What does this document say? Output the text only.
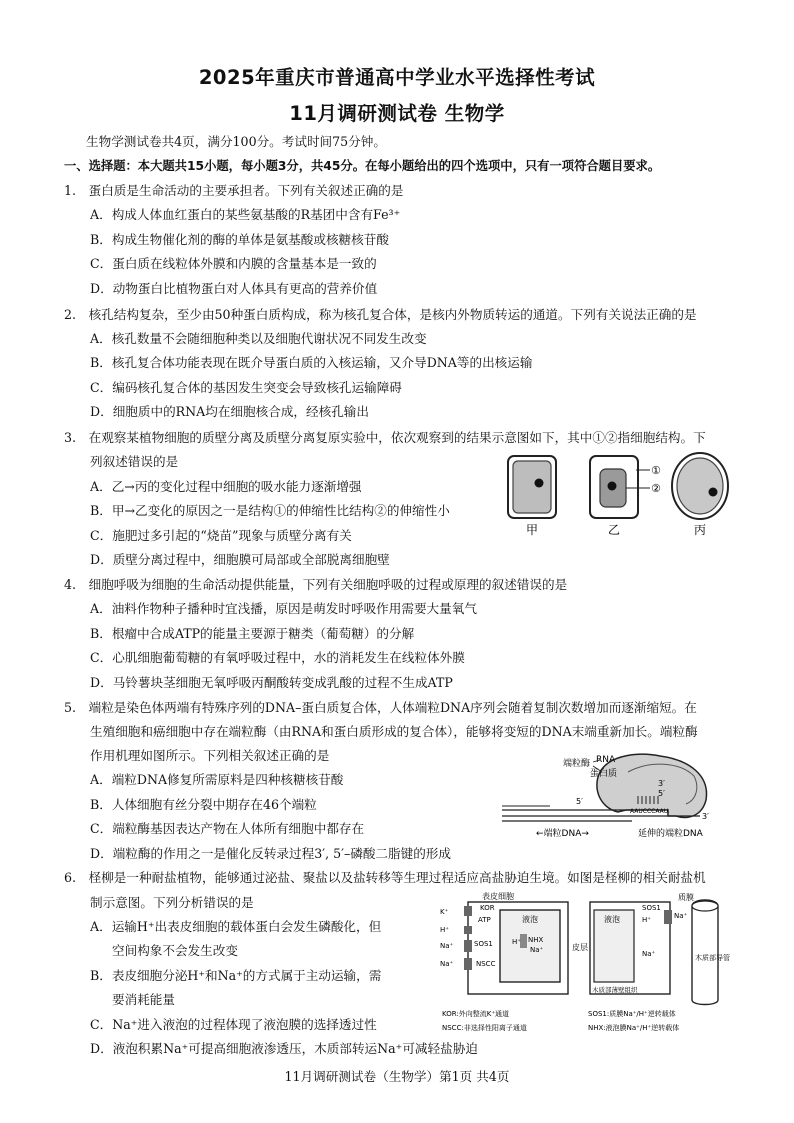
2025年重庆市普通高中学业水平选择性考试
11月调研测试卷 生物学
生物学测试卷共4页，满分100分。考试时间75分钟。
一、选择题：本大题共15小题，每小题3分，共45分。在每小题给出的四个选项中，只有一项符合题目要求。
1.　蛋白质是生命活动的主要承担者。下列有关叙述正确的是
A．构成人体血红蛋白的某些氨基酸的R基团中含有Fe³⁺
B．构成生物催化剂的酶的单体是氨基酸或核糖核苷酸
C．蛋白质在线粒体外膜和内膜的含量基本是一致的
D．动物蛋白比植物蛋白对人体具有更高的营养价值
2.　核孔结构复杂，至少由50种蛋白质构成，称为核孔复合体，是核内外物质转运的通道。下列有关说法正确的是
A．核孔数量不会随细胞种类以及细胞代谢状况不同发生改变
B．核孔复合体功能表现在既介导蛋白质的入核运输，又介导DNA等的出核运输
C．编码核孔复合体的基因发生突变会导致核孔运输障碍
D．细胞质中的RNA均在细胞核合成，经核孔输出
3.　在观察某植物细胞的质壁分离及质壁分离复原实验中，依次观察到的结果示意图如下，其中①②指细胞结构。下
列叙述错误的是
A．乙→丙的变化过程中细胞的吸水能力逐渐增强
B．甲→乙变化的原因之一是结构①的伸缩性比结构②的伸缩性小
C．施肥过多引起的“烧苗”现象与质壁分离有关
D．质壁分离过程中，细胞膜可局部或全部脱离细胞壁
①
②
甲	乙	丙
4.　细胞呼吸为细胞的生命活动提供能量，下列有关细胞呼吸的过程或原理的叙述错误的是
A．油料作物种子播种时宜浅播，原因是萌发时呼吸作用需要大量氧气
B．根瘤中合成ATP的能量主要源于糖类（葡萄糖）的分解
C．心肌细胞葡萄糖的有氧呼吸过程中，水的消耗发生在线粒体外膜
D．马铃薯块茎细胞无氧呼吸丙酮酸转变成乳酸的过程不生成ATP
5.　端粒是染色体两端有特殊序列的DNA–蛋白质复合体，人体端粒DNA序列会随着复制次数增加而逐渐缩短。在
生殖细胞和癌细胞中存在端粒酶（由RNA和蛋白质形成的复合体），能够将变短的DNA末端重新加长。端粒酶
作用机理如图所示。下列相关叙述正确的是
A．端粒DNA修复所需原料是四种核糖核苷酸
B．人体细胞有丝分裂中期存在46个端粒
C．端粒酶基因表达产物在人体所有细胞中都存在
D．端粒酶的作用之一是催化反转录过程3′, 5′–磷酸二脂键的形成
端粒酶 RNA
蛋白质
3′
5′
5′
3′
AAUCCCAAU
←端粒DNA→	延伸的端粒DNA
6.　柽柳是一种耐盐植物，能够通过泌盐、聚盐以及盐转移等生理过程适应高盐胁迫生境。如图是柽柳的相关耐盐机
制示意图。下列分析错误的是
A．运输H⁺出表皮细胞的载体蛋白会发生磷酸化，但
空间构象不会发生改变
B．表皮细胞分泌H⁺和Na⁺的方式属于主动运输，需
要消耗能量
C．Na⁺进入液泡的过程体现了液泡膜的选择透过性
D．液泡积累Na⁺可提高细胞液渗透压，木质部转运Na⁺可减轻盐胁迫
表皮细胞
液泡
NHX
Na⁺
H⁺
KOR
ATP
K⁺
H⁺
SOS1
Na⁺
NSCC
Na⁺
皮层
液泡
SOS1
H⁺	Na⁺
木质部薄壁组织
质膜
Na⁺	木质部导管
KOR:外向整流K⁺通道	SOS1:质膜Na⁺/H⁺逆转载体
NSCC:非选择性阳离子通道	NHX:液泡膜Na⁺/H⁺逆转载体
11月调研测试卷（生物学）第1页 共4页
